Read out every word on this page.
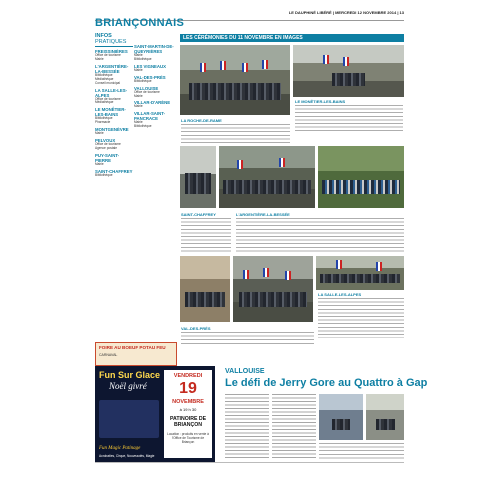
LE DAUPHINÉ LIBÉRÉ | MERCREDI 12 NOVEMBRE 2014 | 13
BRIANÇONNAIS
INFOS PRATIQUES
FREISSINIÈRES
Office de tourisme
Mairie
L'ARGENTIÈRE-LA-BESSÉE
Bibliothèque
Médiathèque
Conseil municipal
LA SALLE-LES-ALPES
Office de tourisme
Médiathèque
LE MONÊTIER-LES-BAINS
Bibliothèque
Pharmacie
MONTGENÈVRE
Mairie
PELVOUX
Office de tourisme
Agence postale
PUY-SAINT-PIERRE
Mairie
SAINT-CHAFFREY
Bibliothèque
SAINT-MARTIN-DE-QUEYRIÈRES
Mairie
Bibliothèque
LES VIGNEAUX
Mairie
VAL-DES-PRÉS
Bibliothèque
VALLOUISE
Office de tourisme
Mairie
VILLAR-D'ARÈNE
Mairie
VILLAR-SAINT-PANCRACE
Mairie
Bibliothèque
LES CÉRÉMONIES DU 11 NOVEMBRE EN IMAGES
LE MONÊTIER-LES-BAINS
LA ROCHE-DE-RAME
SAINT-CHAFFREY	L'ARGENTIÈRE-LA-BESSÉE
LA SALLE-LES-ALPES
VAL-DES-PRÉS
FOIRE AU BOEUF POTAU FEU
CARNAVAL
Fun Sur Glace
Noël givré
Fun Magic Patinage
Acrobaties, Cirque, Nouveautés, Magie
VENDREDI
19
NOVEMBRE
à 19 h 30
PATINOIRE DE BRIANÇON
Location : produits en vente à l'Office de Tourisme de Briançon
VALLOUISE
Le défi de Jerry Gore au Quattro à Gap
